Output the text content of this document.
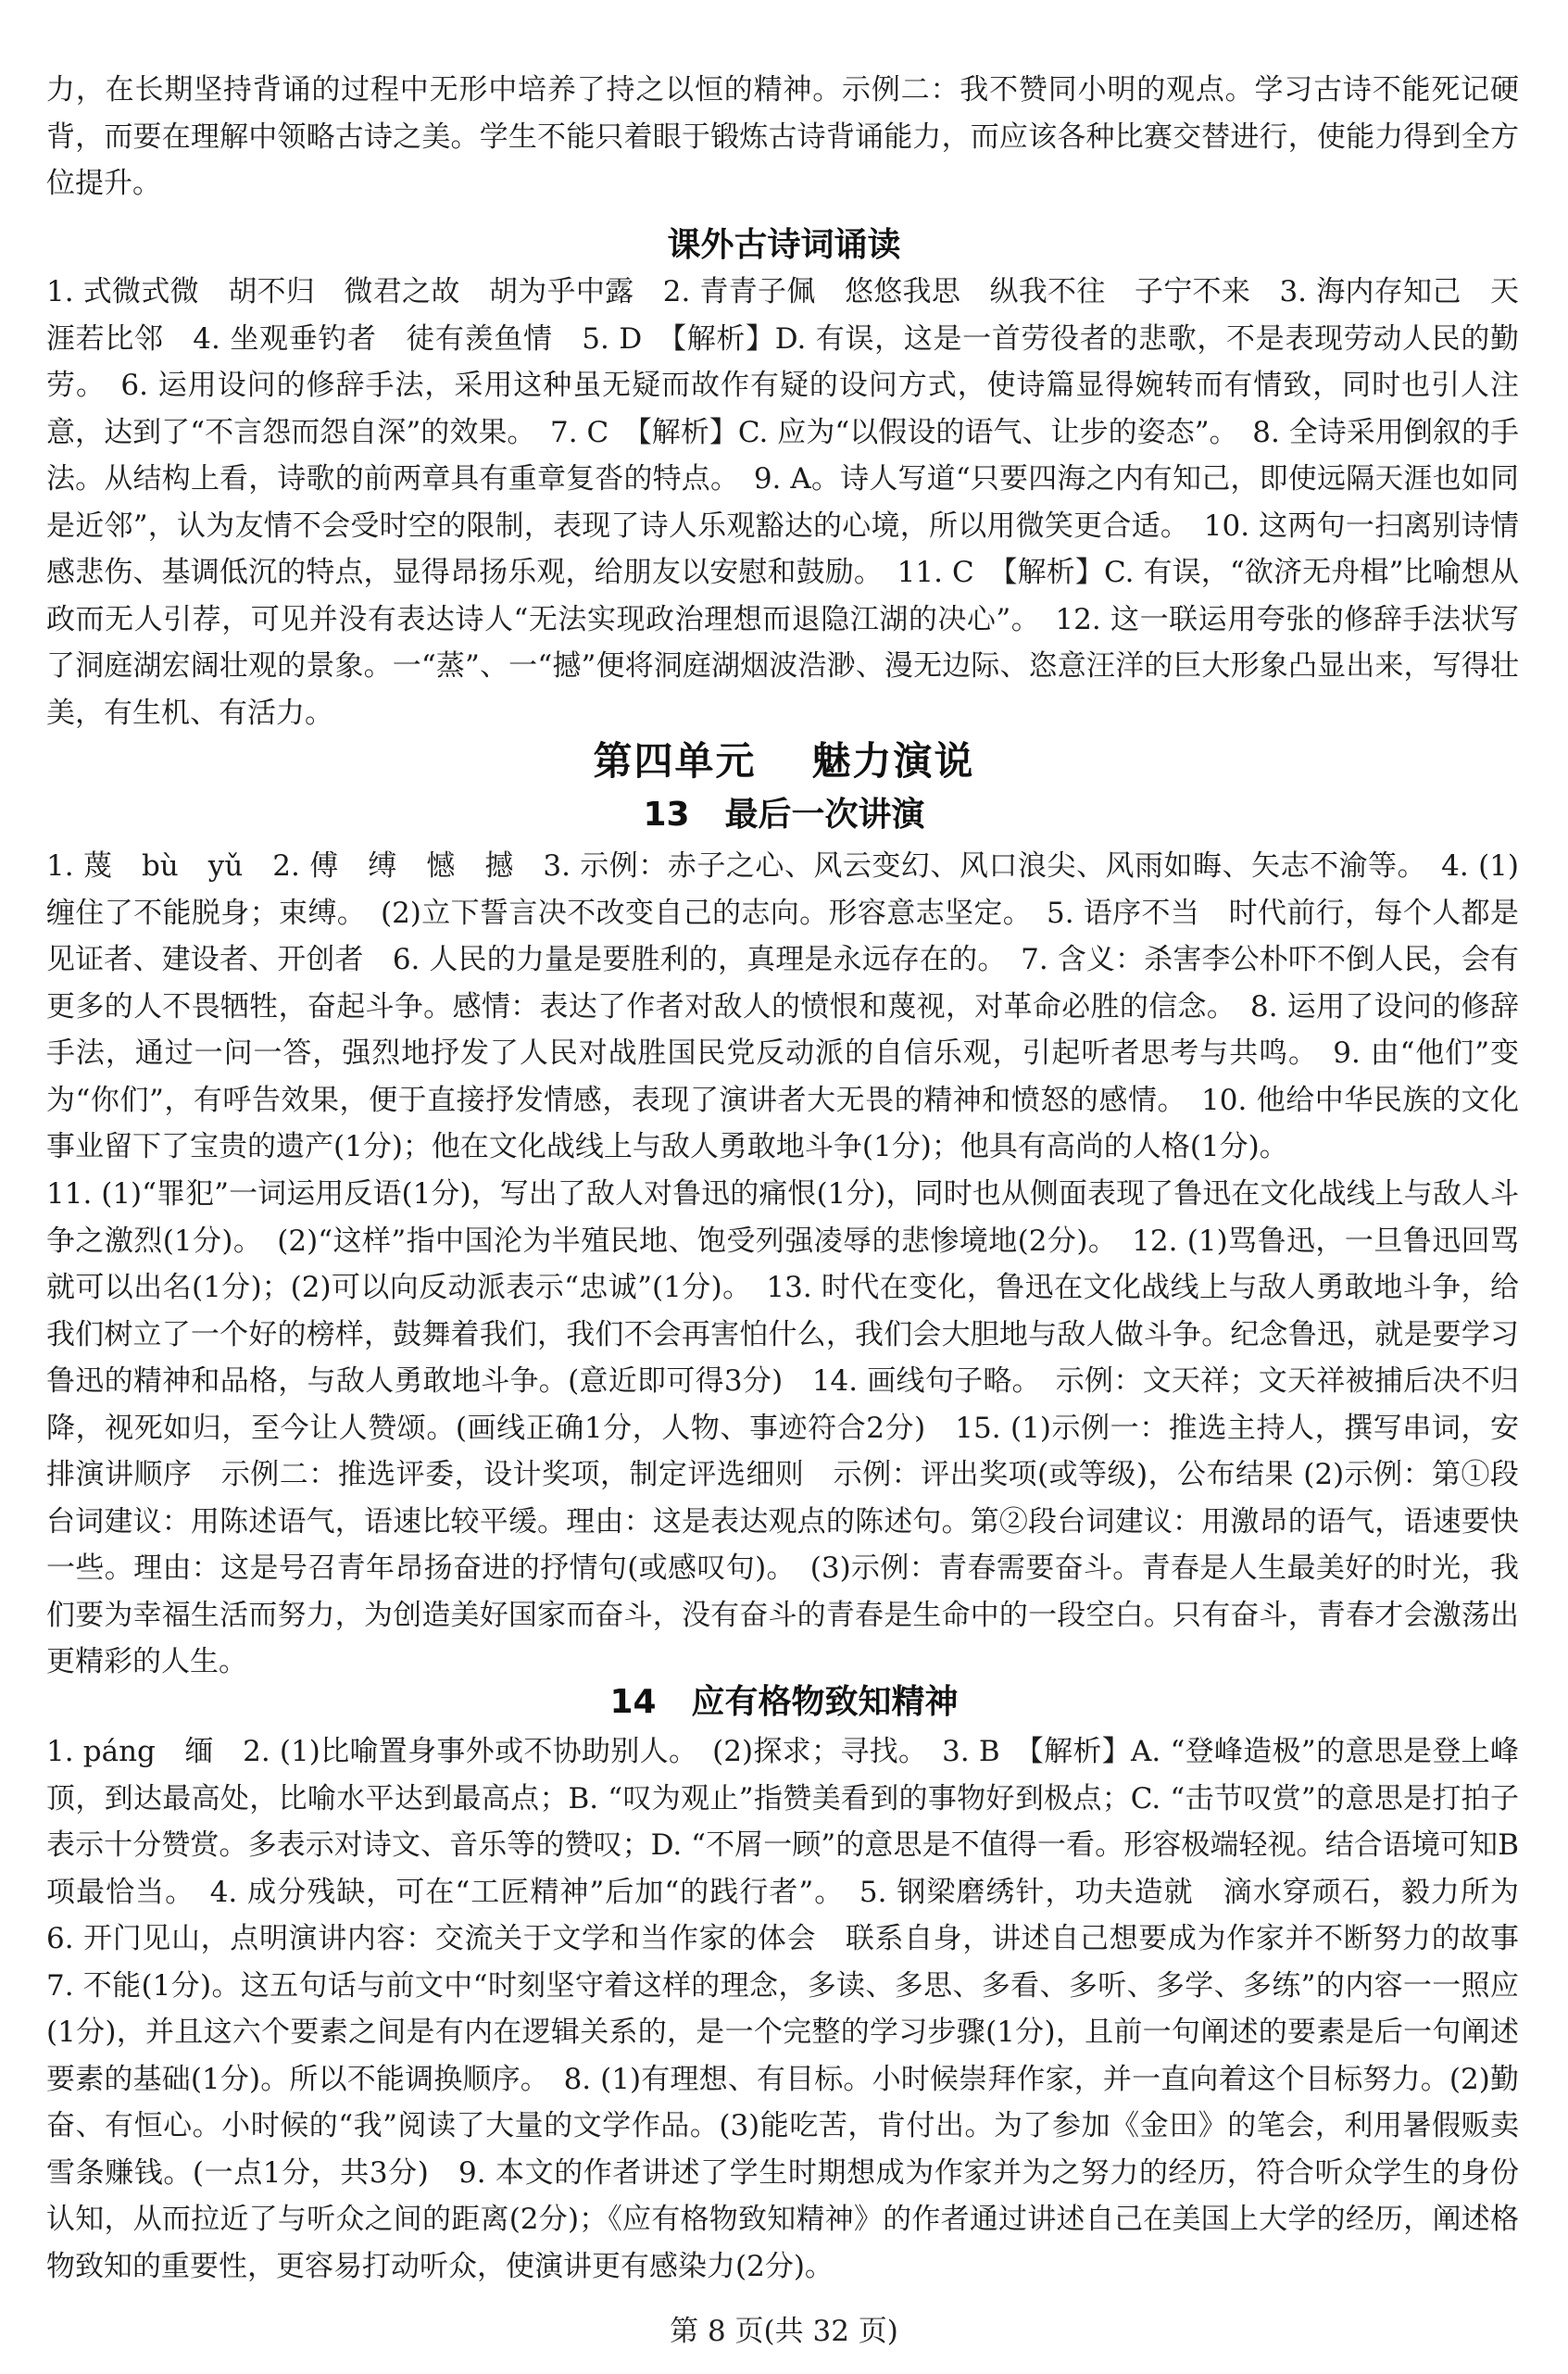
力，在长期坚持背诵的过程中无形中培养了持之以恒的精神。示例二：我不赞同小明的观点。学习古诗不能死记硬背，而要在理解中领略古诗之美。学生不能只着眼于锻炼古诗背诵能力，而应该各种比赛交替进行，使能力得到全方位提升。
课外古诗词诵读
1. 式微式微　胡不归　微君之故　胡为乎中露　2. 青青子佩　悠悠我思　纵我不往　子宁不来　3. 海内存知己　天涯若比邻　4. 坐观垂钓者　徒有羡鱼情　5. D　【解析】D. 有误，这是一首劳役者的悲歌，不是表现劳动人民的勤劳。　6. 运用设问的修辞手法，采用这种虽无疑而故作有疑的设问方式，使诗篇显得婉转而有情致，同时也引人注意，达到了“不言怨而怨自深”的效果。　7. C　【解析】C. 应为“以假设的语气、让步的姿态”。　8. 全诗采用倒叙的手法。从结构上看，诗歌的前两章具有重章复沓的特点。　9. A。诗人写道“只要四海之内有知己，即使远隔天涯也如同是近邻”，认为友情不会受时空的限制，表现了诗人乐观豁达的心境，所以用微笑更合适。　10. 这两句一扫离别诗情感悲伤、基调低沉的特点，显得昂扬乐观，给朋友以安慰和鼓励。　11. C　【解析】C. 有误，“欲济无舟楫”比喻想从政而无人引荐，可见并没有表达诗人“无法实现政治理想而退隐江湖的决心”。　12. 这一联运用夸张的修辞手法状写了洞庭湖宏阔壮观的景象。一“蒸”、一“撼”便将洞庭湖烟波浩渺、漫无边际、恣意汪洋的巨大形象凸显出来，写得壮美，有生机、有活力。
第四单元 魅力演说
13 最后一次讲演
1. 蔑　bù　yǔ　2. 傅　缚　憾　撼　3. 示例：赤子之心、风云变幻、风口浪尖、风雨如晦、矢志不渝等。　4. (1)缠住了不能脱身；束缚。　(2)立下誓言决不改变自己的志向。形容意志坚定。　5. 语序不当　时代前行，每个人都是见证者、建设者、开创者　6. 人民的力量是要胜利的，真理是永远存在的。　7. 含义：杀害李公朴吓不倒人民，会有更多的人不畏牺牲，奋起斗争。感情：表达了作者对敌人的愤恨和蔑视，对革命必胜的信念。　8. 运用了设问的修辞手法，通过一问一答，强烈地抒发了人民对战胜国民党反动派的自信乐观，引起听者思考与共鸣。　9. 由“他们”变为“你们”，有呼告效果，便于直接抒发情感，表现了演讲者大无畏的精神和愤怒的感情。　10. 他给中华民族的文化事业留下了宝贵的遗产(1分)；他在文化战线上与敌人勇敢地斗争(1分)；他具有高尚的人格(1分)。
11. (1)“罪犯”一词运用反语(1分)，写出了敌人对鲁迅的痛恨(1分)，同时也从侧面表现了鲁迅在文化战线上与敌人斗争之激烈(1分)。　(2)“这样”指中国沦为半殖民地、饱受列强凌辱的悲惨境地(2分)。　12. (1)骂鲁迅，一旦鲁迅回骂就可以出名(1分)；(2)可以向反动派表示“忠诚”(1分)。　13. 时代在变化，鲁迅在文化战线上与敌人勇敢地斗争，给我们树立了一个好的榜样，鼓舞着我们，我们不会再害怕什么，我们会大胆地与敌人做斗争。纪念鲁迅，就是要学习鲁迅的精神和品格，与敌人勇敢地斗争。(意近即可得3分)　14. 画线句子略。　示例：文天祥；文天祥被捕后决不归降，视死如归，至今让人赞颂。(画线正确1分，人物、事迹符合2分)　15. (1)示例一：推选主持人，撰写串词，安排演讲顺序　示例二：推选评委，设计奖项，制定评选细则　示例：评出奖项(或等级)，公布结果 (2)示例：第①段台词建议：用陈述语气，语速比较平缓。理由：这是表达观点的陈述句。第②段台词建议：用激昂的语气，语速要快一些。理由：这是号召青年昂扬奋进的抒情句(或感叹句)。　(3)示例：青春需要奋斗。青春是人生最美好的时光，我们要为幸福生活而努力，为创造美好国家而奋斗，没有奋斗的青春是生命中的一段空白。只有奋斗，青春才会激荡出更精彩的人生。
14 应有格物致知精神
1. páng　缅　2. (1)比喻置身事外或不协助别人。　(2)探求；寻找。　3. B　【解析】A. “登峰造极”的意思是登上峰顶，到达最高处，比喻水平达到最高点；B. “叹为观止”指赞美看到的事物好到极点；C. “击节叹赏”的意思是打拍子表示十分赞赏。多表示对诗文、音乐等的赞叹；D. “不屑一顾”的意思是不值得一看。形容极端轻视。结合语境可知B项最恰当。　4. 成分残缺，可在“工匠精神”后加“的践行者”。　5. 钢梁磨绣针，功夫造就　滴水穿顽石，毅力所为　6. 开门见山，点明演讲内容：交流关于文学和当作家的体会　联系自身，讲述自己想要成为作家并不断努力的故事　7. 不能(1分)。这五句话与前文中“时刻坚守着这样的理念，多读、多思、多看、多听、多学、多练”的内容一一照应(1分)，并且这六个要素之间是有内在逻辑关系的，是一个完整的学习步骤(1分)，且前一句阐述的要素是后一句阐述要素的基础(1分)。所以不能调换顺序。　8. (1)有理想、有目标。小时候崇拜作家，并一直向着这个目标努力。(2)勤奋、有恒心。小时候的“我”阅读了大量的文学作品。(3)能吃苦，肯付出。为了参加《金田》的笔会，利用暑假贩卖雪条赚钱。(一点1分，共3分)　9. 本文的作者讲述了学生时期想成为作家并为之努力的经历，符合听众学生的身份认知，从而拉近了与听众之间的距离(2分)；《应有格物致知精神》的作者通过讲述自己在美国上大学的经历，阐述格物致知的重要性，更容易打动听众，使演讲更有感染力(2分)。
第 8 页(共 32 页)
